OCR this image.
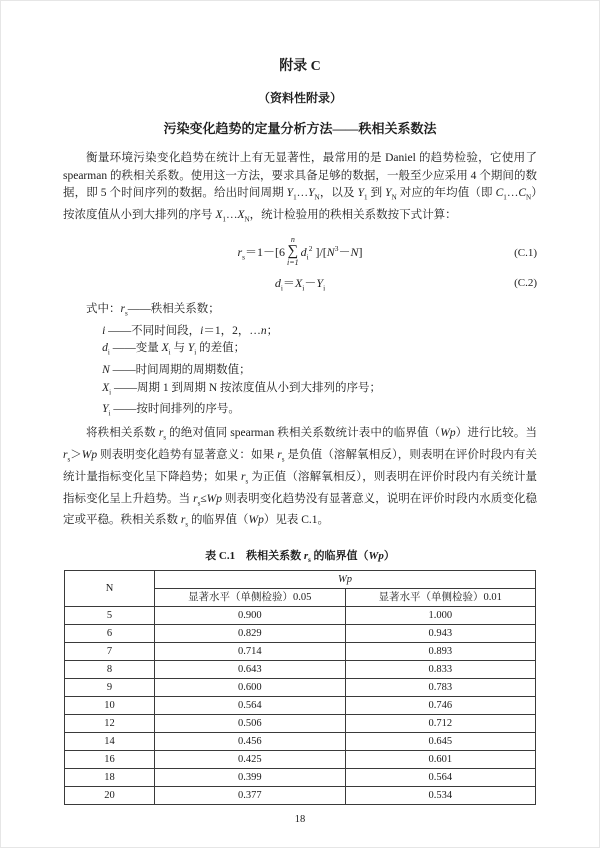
附录 C
（资料性附录）
污染变化趋势的定量分析方法——秩相关系数法

衡量环境污染变化趋势在统计上有无显著性，最常用的是 Daniel 的趋势检验，它使用了 spearman 的秩相关系数。使用这一方法，要求具备足够的数据，一般至少应采用 4 个期间的数据，即 5 个时间序列的数据。给出时间周期 $Y_1\dots Y_N$，以及 $Y_1$ 到 $Y_N$ 对应的年均值（即 $C_1\dots C_N$）按浓度值从小到大排列的序号 $X_1\dots X_N$，统计检验用的秩相关系数按下式计算：

$r_s=1-[6$
n
∑
i=1
$d_i^2$ ]$/[N^3-N]$	(C.1)
$d_i=X_i-Y_i$	(C.2)
式中：$r_s——$秩相关系数；
i ——不同时间段，i＝1，2，…n；
$d_i$ ——变量 $X_i$ 与 $Y_i$ 的差值；
N ——时间周期的周期数值；
$X_i$ ——周期 1 到周期 N 按浓度值从小到大排列的序号；
$Y_i$ ——按时间排列的序号。

将秩相关系数 $r_s$ 的绝对值同 spearman 秩相关系数统计表中的临界值（Wp）进行比较。当 $r_s>Wp$ 则表明变化趋势有显著意义：如果 $r_s$ 是负值（溶解氧相反），则表明在评价时段内有关统计量指标变化呈下降趋势；如果 $r_s$ 为正值（溶解氧相反），则表明在评价时段内有关统计量指标变化呈上升趋势。当 $r_s\le Wp$ 则表明变化趋势没有显著意义，说明在评价时段内水质变化稳定或平稳。秩相关系数 $r_s$ 的临界值（Wp）见表 C.1。

表 C.1　秩相关系数 $r_s$ 的临界值（Wp）
N	Wp	
	显著水平（单侧检验）0.05	显著水平（单侧检验）0.01
5	0.900	1.000
6	0.829	0.943
7	0.714	0.893
8	0.643	0.833
9	0.600	0.783
10	0.564	0.746
12	0.506	0.712
14	0.456	0.645
16	0.425	0.601
18	0.399	0.564
20	0.377	0.534
18
